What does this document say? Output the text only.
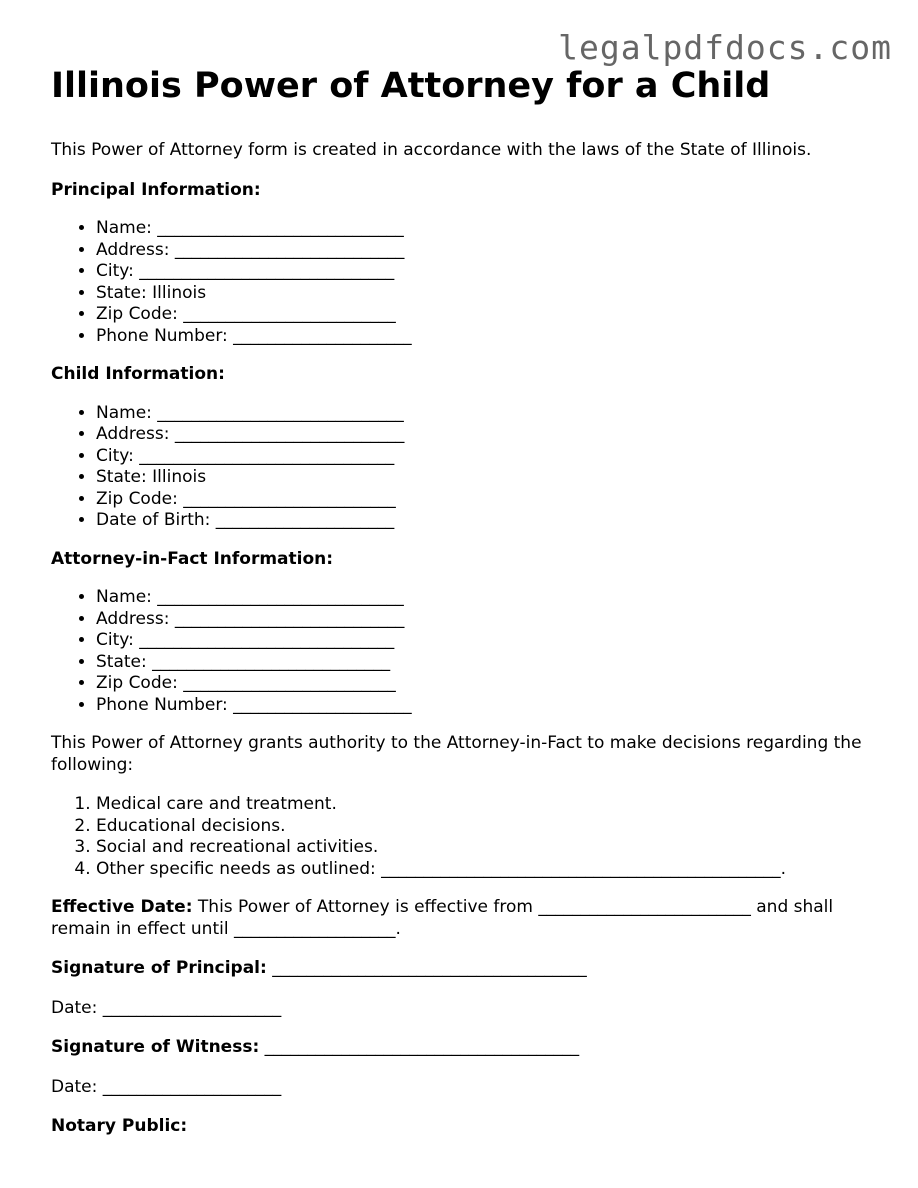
legalpdfdocs.com
Illinois Power of Attorney for a Child

This Power of Attorney form is created in accordance with the laws of the State of Illinois.

Principal Information:
• Name: _____________________________
• Address: ___________________________
• City: ______________________________
• State: Illinois
• Zip Code: _________________________
• Phone Number: _____________________
Child Information:
• Name: _____________________________
• Address: ___________________________
• City: ______________________________
• State: Illinois
• Zip Code: _________________________
• Date of Birth: _____________________
Attorney-in-Fact Information:
• Name: _____________________________
• Address: ___________________________
• City: ______________________________
• State: ____________________________
• Zip Code: _________________________
• Phone Number: _____________________

This Power of Attorney grants authority to the Attorney-in-Fact to make decisions regarding the following:

1. Medical care and treatment.
2. Educational decisions.
3. Social and recreational activities.
4. Other specific needs as outlined: _______________________________________________.

Effective Date: This Power of Attorney is effective from _________________________ and shall remain in effect until ___________________.

Signature of Principal: _____________________________________

Date: _____________________

Signature of Witness: _____________________________________

Date: _____________________

Notary Public:
